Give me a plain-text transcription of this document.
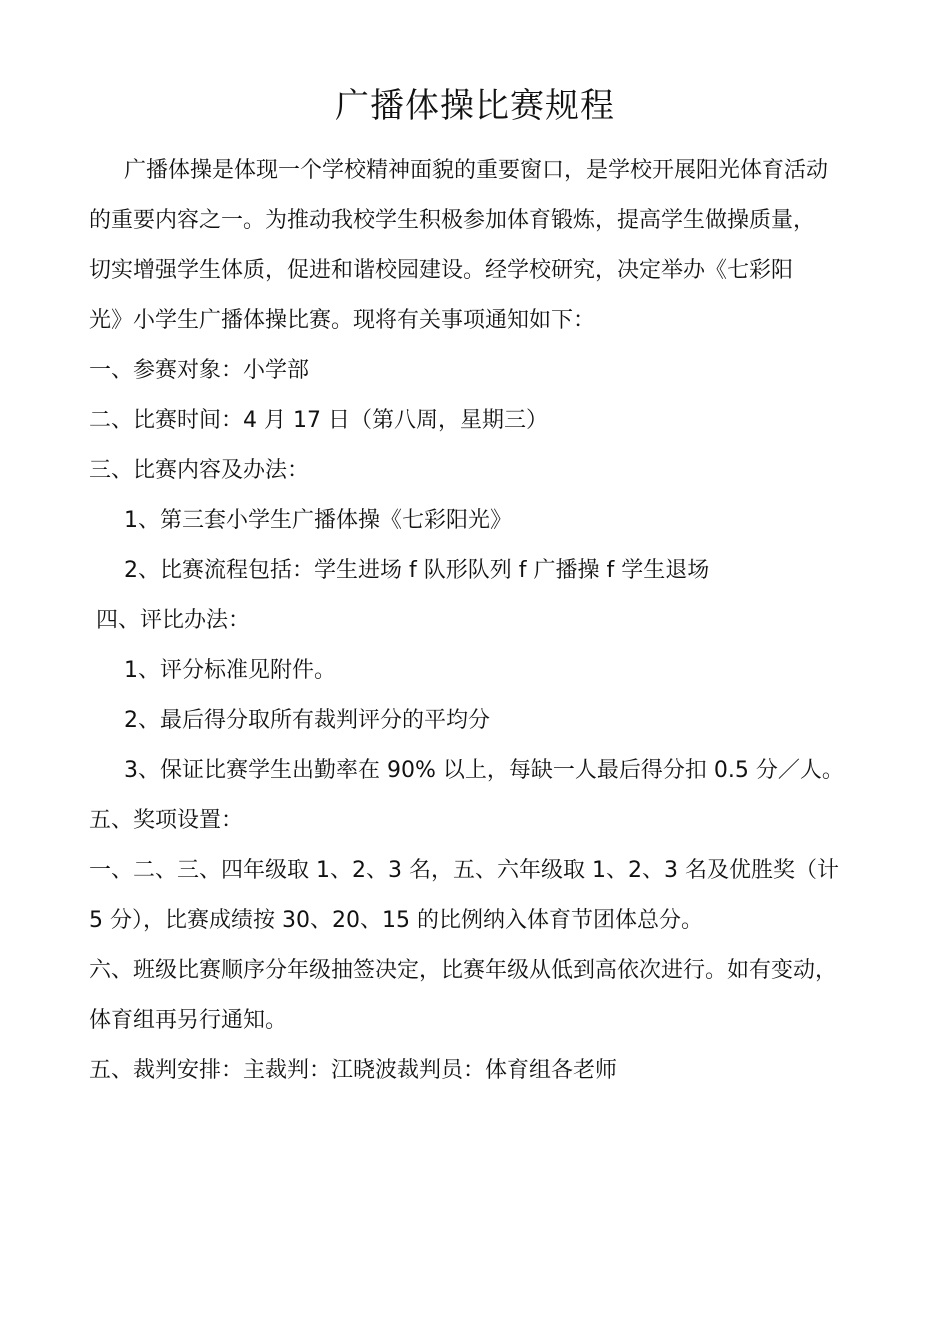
广播体操比赛规程
广播体操是体现一个学校精神面貌的重要窗口，是学校开展阳光体育活动
的重要内容之一。为推动我校学生积极参加体育锻炼，提高学生做操质量，
切实增强学生体质，促进和谐校园建设。经学校研究，决定举办《七彩阳
光》小学生广播体操比赛。现将有关事项通知如下：
一、参赛对象：小学部
二、比赛时间：4 月 17 日（第八周，星期三）
三、比赛内容及办法：
1、第三套小学生广播体操《七彩阳光》
2、比赛流程包括：学生进场 f 队形队列 f 广播操 f 学生退场
四、评比办法：
1、评分标准见附件。
2、最后得分取所有裁判评分的平均分
3、保证比赛学生出勤率在 90% 以上，每缺一人最后得分扣 0.5 分／人。
五、奖项设置：
一、二、三、四年级取 1、2、3 名，五、六年级取 1、2、3 名及优胜奖（计
5 分），比赛成绩按 30、20、15 的比例纳入体育节团体总分。
六、班级比赛顺序分年级抽签决定，比赛年级从低到高依次进行。如有变动，
体育组再另行通知。
五、裁判安排：主裁判：江晓波裁判员：体育组各老师
